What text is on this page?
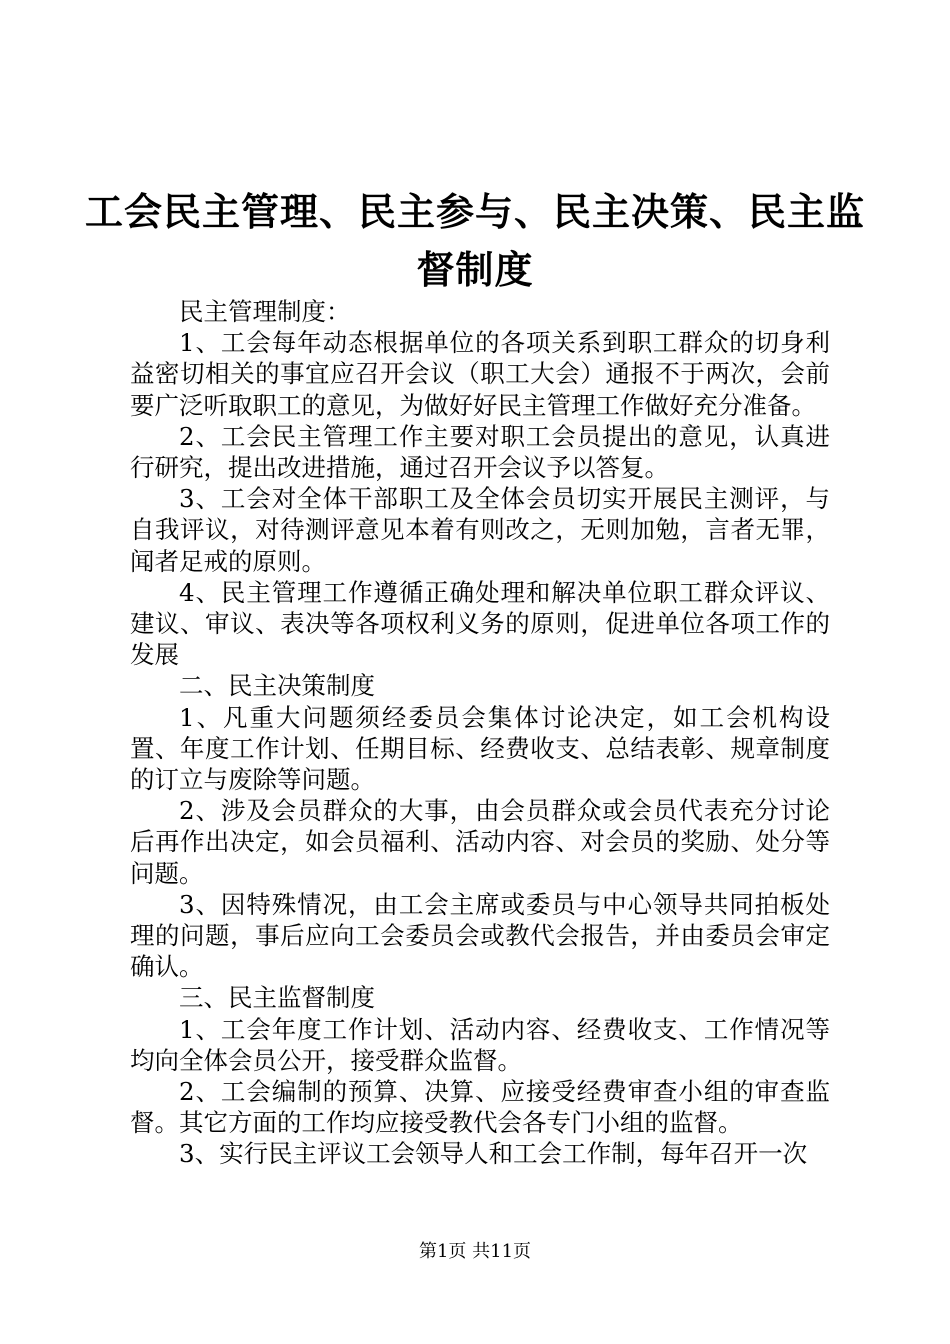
工会民主管理、民主参与、民主决策、民主监
督制度

民主管理制度：

1、工会每年动态根据单位的各项关系到职工群众的切身利益密切相关的事宜应召开会议（职工大会）通报不于两次，会前要广泛听取职工的意见，为做好好民主管理工作做好充分准备。

2、工会民主管理工作主要对职工会员提出的意见，认真进行研究，提出改进措施，通过召开会议予以答复。

3、工会对全体干部职工及全体会员切实开展民主测评，与自我评议，对待测评意见本着有则改之，无则加勉，言者无罪，闻者足戒的原则。

4、民主管理工作遵循正确处理和解决单位职工群众评议、建议、审议、表决等各项权利义务的原则，促进单位各项工作的发展

二、民主决策制度

1、凡重大问题须经委员会集体讨论决定，如工会机构设置、年度工作计划、任期目标、经费收支、总结表彰、规章制度的订立与废除等问题。

2、涉及会员群众的大事，由会员群众或会员代表充分讨论后再作出决定，如会员福利、活动内容、对会员的奖励、处分等问题。

3、因特殊情况，由工会主席或委员与中心领导共同拍板处理的问题，事后应向工会委员会或教代会报告，并由委员会审定确认。

三、民主监督制度

1、工会年度工作计划、活动内容、经费收支、工作情况等均向全体会员公开，接受群众监督。

2、工会编制的预算、决算、应接受经费审查小组的审查监督。其它方面的工作均应接受教代会各专门小组的监督。

3、实行民主评议工会领导人和工会工作制，每年召开一次

第1页 共11页
